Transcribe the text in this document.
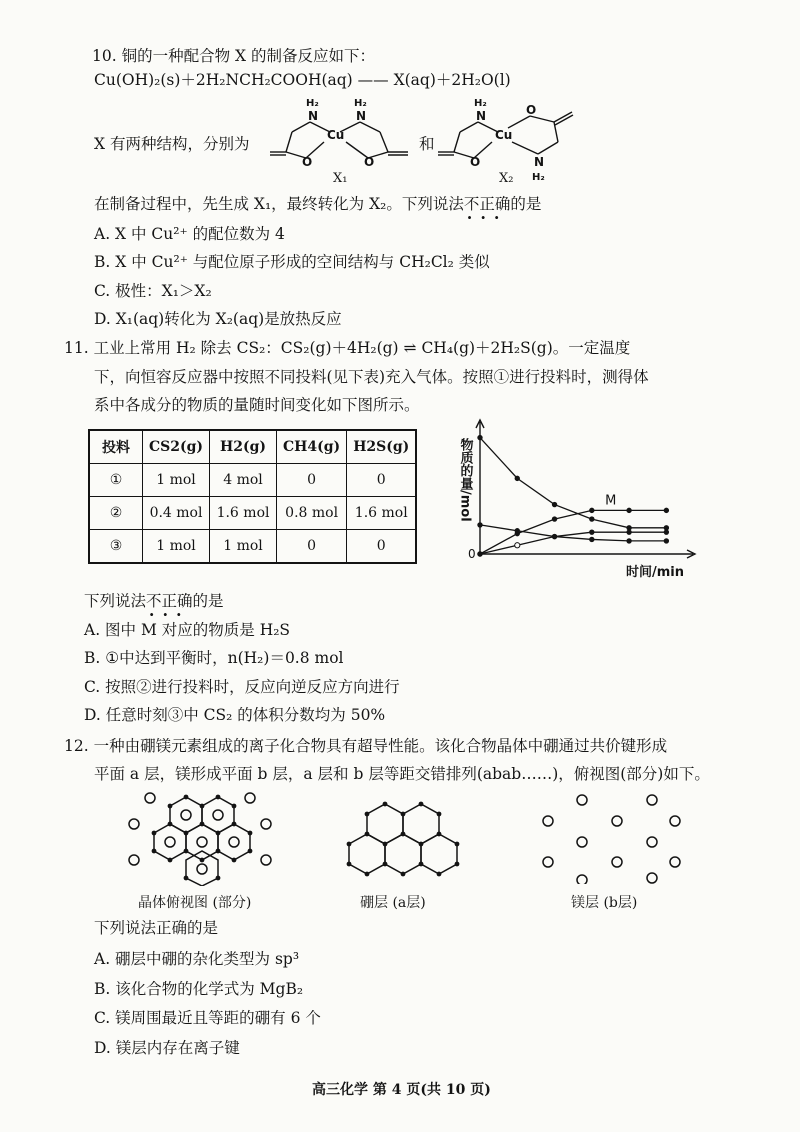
10. 铜的一种配合物 X 的制备反应如下：
Cu(OH)₂(s)＋2H₂NCH₂COOH(aq) —— X(aq)＋2H₂O(l)
X 有两种结构，分别为	Cu
N
H₂
N
H₂
O	O
和	Cu
N
H₂
O
O
N
H₂
X₁	X₂
在制备过程中，先生成 X₁，最终转化为 X₂。下列说法不正确 ···的是
A. X 中 Cu²⁺ 的配位数为 4
B. X 中 Cu²⁺ 与配位原子形成的空间结构与 CH₂Cl₂ 类似
C. 极性：X₁＞X₂
D. X₁(aq)转化为 X₂(aq)是放热反应
11. 工业上常用 H₂ 除去 CS₂：CS₂(g)＋4H₂(g) ⇌ CH₄(g)＋2H₂S(g)。一定温度
下，向恒容反应器中按照不同投料(见下表)充入气体。按照①进行投料时，测得体
系中各成分的物质的量随时间变化如下图所示。
投料	CS2(g)	H2(g)	CH4(g)	H2S(g)
①	1 mol	4 mol	0	0
②	0.4 mol	1.6 mol	0.8 mol	1.6 mol
③	1 mol	1 mol	0	0
物质的量/mol
时间/min
0
M
下列说法不正确 ···的是
A. 图中 M 对应的物质是 H₂S
B. ①中达到平衡时，n(H₂)＝0.8 mol
C. 按照②进行投料时，反应向逆反应方向进行
D. 任意时刻③中 CS₂ 的体积分数均为 50%
12. 一种由硼镁元素组成的离子化合物具有超导性能。该化合物晶体中硼通过共价键形成
平面 a 层，镁形成平面 b 层，a 层和 b 层等距交错排列(abab……)，俯视图(部分)如下。
晶体俯视图 (部分)	硼层 (a层)	镁层 (b层)
下列说法正确的是
A. 硼层中硼的杂化类型为 sp³
B. 该化合物的化学式为 MgB₂
C. 镁周围最近且等距的硼有 6 个
D. 镁层内存在离子键
高三化学 第 4 页(共 10 页)
